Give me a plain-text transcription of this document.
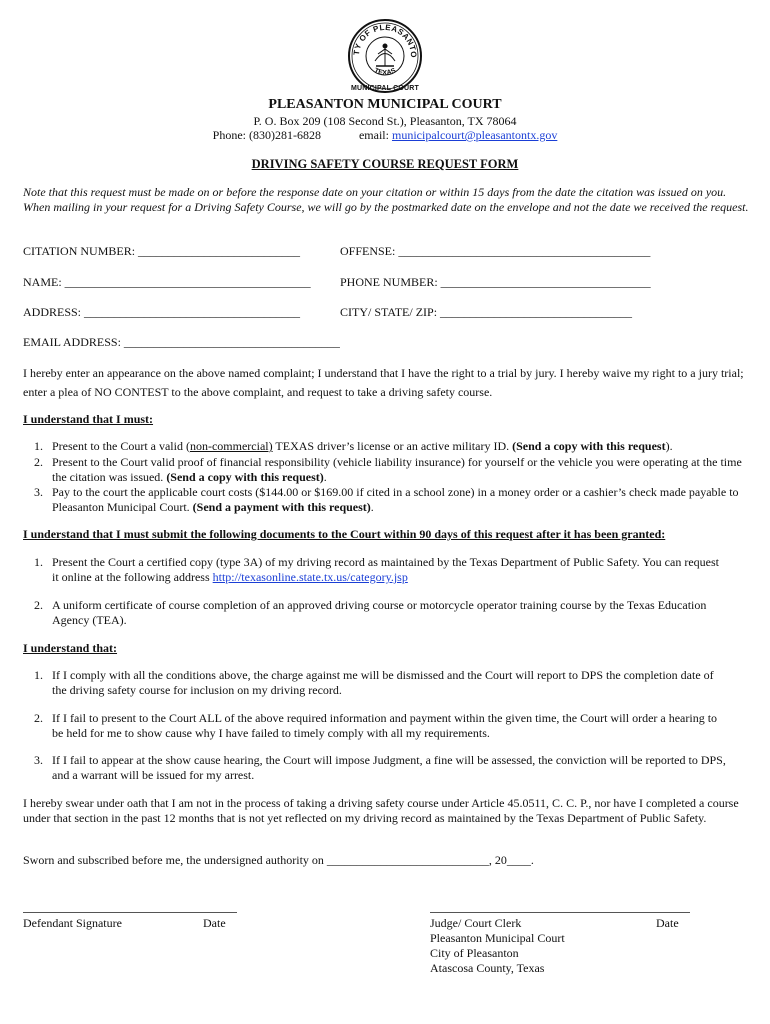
TY OF PLEASANTO
TEXAS
MUNICIPAL COURT
PLEASANTON MUNICIPAL COURT
P. O. Box 209 (108 Second St.), Pleasanton, TX 78064
Phone: (830)281-6828	email: municipalcourt@pleasantontx.gov
DRIVING SAFETY COURSE REQUEST FORM
Note that this request must be made on or before the response date on your citation or within 15 days from the date the citation was issued on you. When mailing in your request for a Driving Safety Course, we will go by the postmarked date on the envelope and not the date we received the request.
CITATION NUMBER: ___________________________	OFFENSE: __________________________________________
NAME: _________________________________________ PHONE NUMBER: ___________________________________
ADDRESS: ____________________________________	CITY/ STATE/ ZIP: ________________________________
EMAIL ADDRESS: ____________________________________
I hereby enter an appearance on the above named complaint; I understand that I have the right to a trial by jury. I hereby waive my right to a jury trial; enter a plea of NO CONTEST to the above complaint, and request to take a driving safety course.
I understand that I must:
1. Present to the Court a valid (non-commercial) TEXAS driver’s license or an active military ID. (Send a copy with this request).
2. Present to the Court valid proof of financial responsibility (vehicle liability insurance) for yourself or the vehicle you were operating at the time the citation was issued. (Send a copy with this request).
3. Pay to the court the applicable court costs ($144.00 or $169.00 if cited in a school zone) in a money order or a cashier’s check made payable to Pleasanton Municipal Court. (Send a payment with this request).
I understand that I must submit the following documents to the Court within 90 days of this request after it has been granted:
1. Present the Court a certified copy (type 3A) of my driving record as maintained by the Texas Department of Public Safety. You can request it online at the following address http://texasonline.state.tx.us/category.jsp
2. A uniform certificate of course completion of an approved driving course or motorcycle operator training course by the Texas Education Agency (TEA).
I understand that:
1. If I comply with all the conditions above, the charge against me will be dismissed and the Court will report to DPS the completion date of the driving safety course for inclusion on my driving record.
2. If I fail to present to the Court ALL of the above required information and payment within the given time, the Court will order a hearing to be held for me to show cause why I have failed to timely comply with all my requirements.
3. If I fail to appear at the show cause hearing, the Court will impose Judgment, a fine will be assessed, the conviction will be reported to DPS, and a warrant will be issued for my arrest.
I hereby swear under oath that I am not in the process of taking a driving safety course under Article 45.0511, C. C. P., nor have I completed a course under that section in the past 12 months that is not yet reflected on my driving record as maintained by the Texas Department of Public Safety.
Sworn and subscribed before me, the undersigned authority on ___________________________, 20____.
Defendant Signature	Date	Judge/ Court Clerk	Date
Pleasanton Municipal Court
City of Pleasanton
Atascosa County, Texas
